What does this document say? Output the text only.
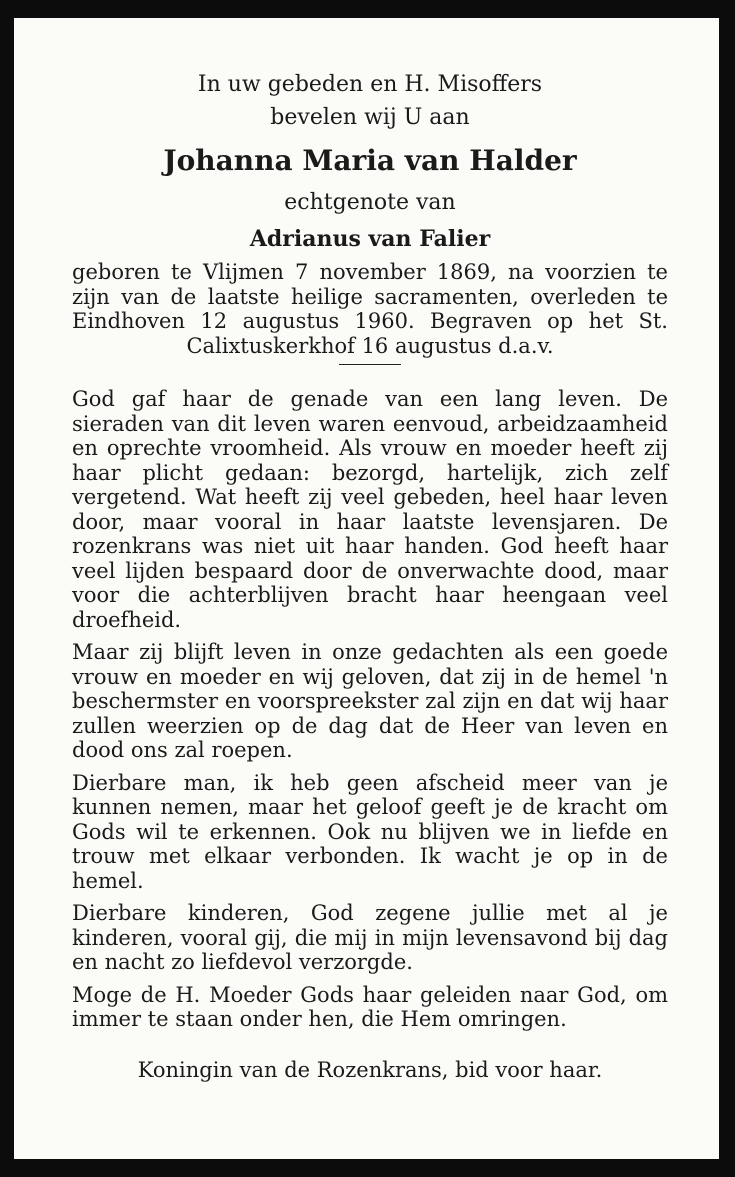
In uw gebeden en H. Misoffers

bevelen wij U aan

Johanna Maria van Halder

echtgenote van

Adrianus van Falier

geboren te Vlijmen 7 november 1869, na voorzien te zijn van de laatste heilige sacramenten, overleden te Eindhoven 12 augustus 1960. Begraven op het St. Calixtuskerkhof 16 augustus d.a.v.

God gaf haar de genade van een lang leven. De sieraden van dit leven waren eenvoud, arbeidzaamheid en oprechte vroomheid. Als vrouw en moeder heeft zij haar plicht gedaan: bezorgd, hartelijk, zich zelf vergetend. Wat heeft zij veel gebeden, heel haar leven door, maar vooral in haar laatste levensjaren. De rozenkrans was niet uit haar handen. God heeft haar veel lijden bespaard door de onverwachte dood, maar voor die achterblijven bracht haar heengaan veel droefheid.

Maar zij blijft leven in onze gedachten als een goede vrouw en moeder en wij geloven, dat zij in de hemel 'n beschermster en voorspreekster zal zijn en dat wij haar zullen weerzien op de dag dat de Heer van leven en dood ons zal roepen.

Dierbare man, ik heb geen afscheid meer van je kunnen nemen, maar het geloof geeft je de kracht om Gods wil te erkennen. Ook nu blijven we in liefde en trouw met elkaar verbonden. Ik wacht je op in de hemel.

Dierbare kinderen, God zegene jullie met al je kinderen, vooral gij, die mij in mijn levensavond bij dag en nacht zo liefdevol verzorgde.

Moge de H. Moeder Gods haar geleiden naar God, om immer te staan onder hen, die Hem omringen.

Koningin van de Rozenkrans, bid voor haar.
